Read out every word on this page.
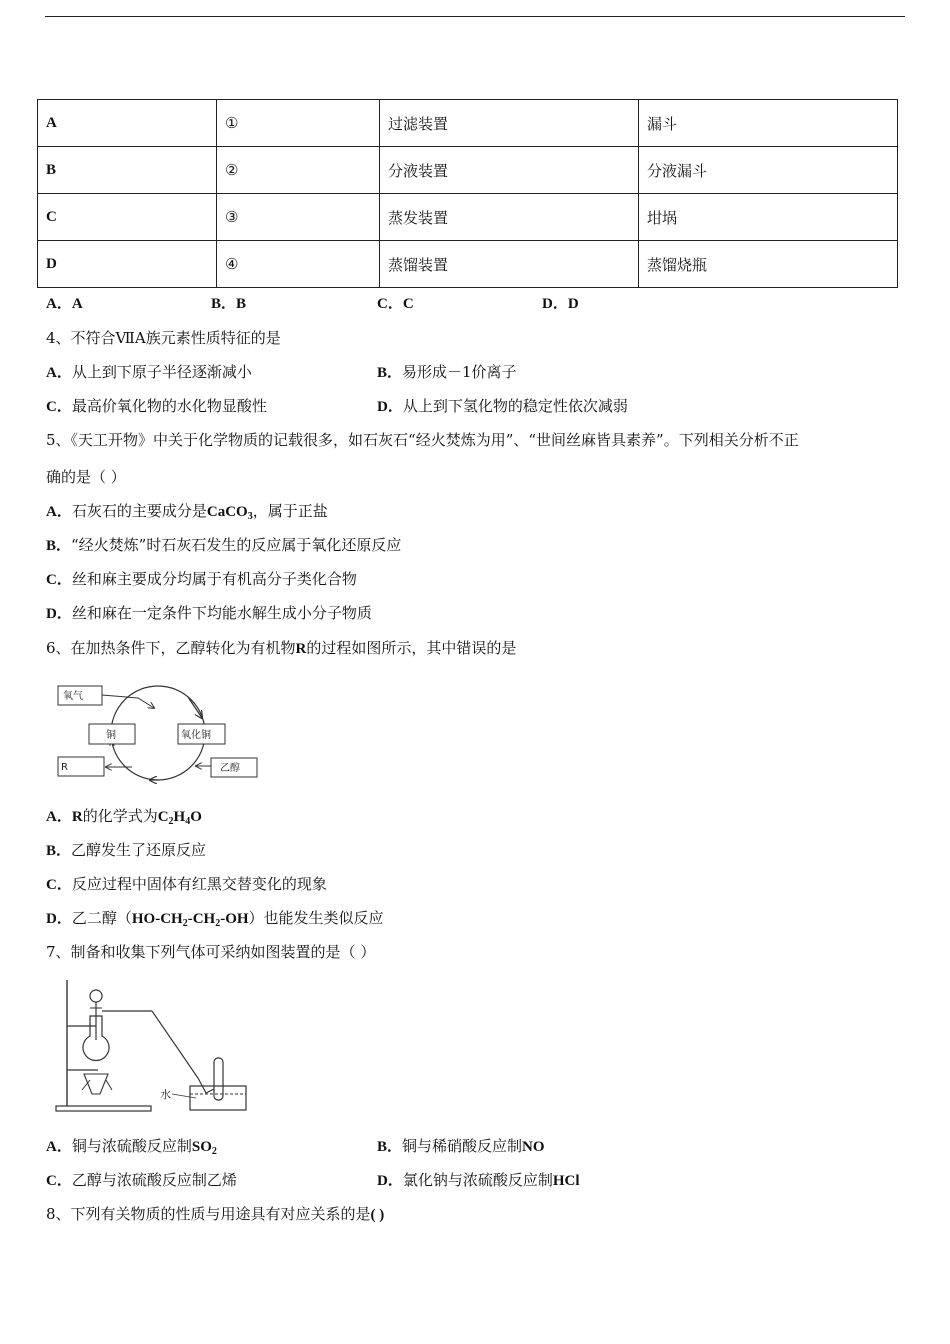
A	①	过滤装置	漏斗
B	②	分液装置	分液漏斗
C	③	蒸发装置	坩埚
D	④	蒸馏装置	蒸馏烧瓶
A．A	B．B	C．C	D．D
4、不符合ⅦA族元素性质特征的是
A．从上到下原子半径逐渐减小	B．易形成－1价离子
C．最高价氧化物的水化物显酸性	D．从上到下氢化物的稳定性依次减弱
5、《天工开物》中关于化学物质的记载很多，如石灰石“经火焚炼为用”、“世间丝麻皆具素养”。下列相关分析不正
确的是（ ）
A．石灰石的主要成分是CaCO$_3$，属于正盐
B．“经火焚炼”时石灰石发生的反应属于氧化还原反应
C．丝和麻主要成分均属于有机高分子类化合物
D．丝和麻在一定条件下均能水解生成小分子物质
6、在加热条件下，乙醇转化为有机物R的过程如图所示，其中错误的是
氧气
铜	氧化铜
R	乙醇
A．R的化学式为$C_2H_4O$
B．乙醇发生了还原反应
C．反应过程中固体有红黑交替变化的现象
D．乙二醇$(HO-CH_2-CH_2-OH)$也能发生类似反应
7、制备和收集下列气体可采纳如图装置的是（ ）
水
A．铜与浓硫酸反应制$SO_2$	B．铜与稀硝酸反应制NO
C．乙醇与浓硫酸反应制乙烯	D．氯化钠与浓硫酸反应制HCl
8、下列有关物质的性质与用途具有对应关系的是( )
